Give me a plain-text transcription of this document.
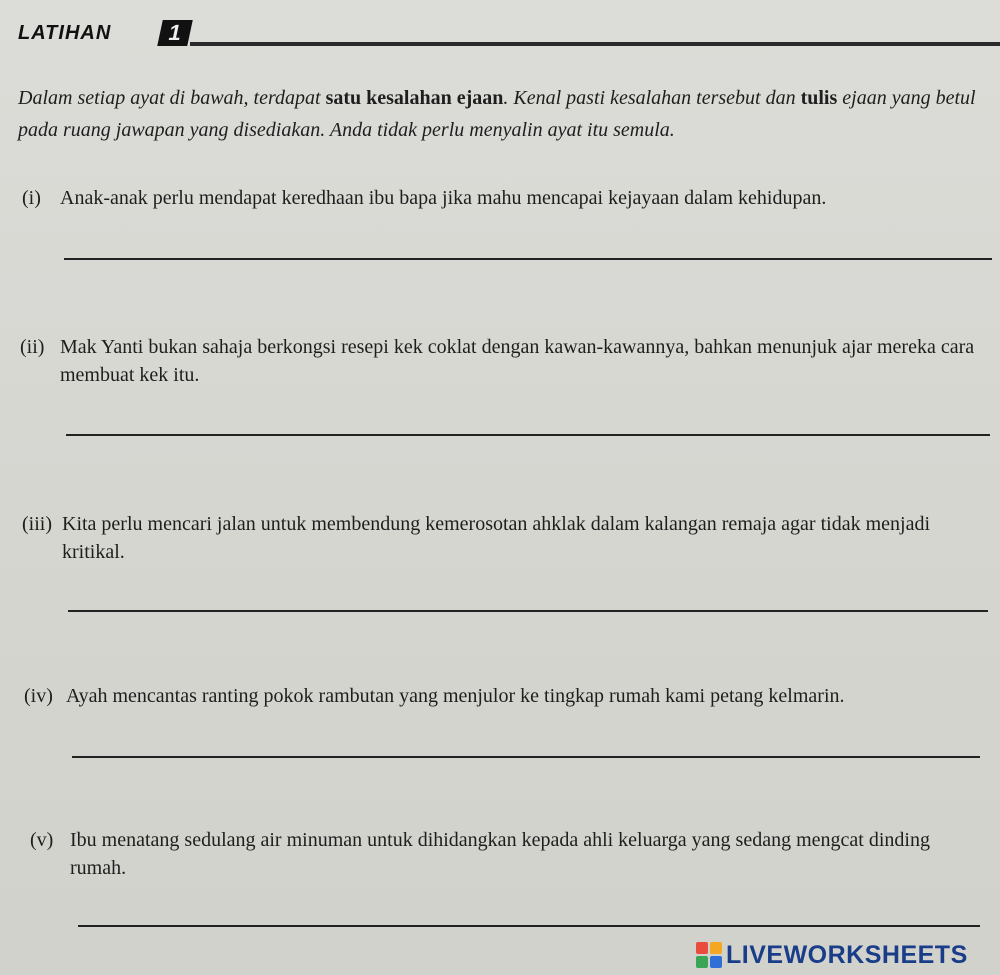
LATIHAN	1

Dalam setiap ayat di bawah, terdapat satu kesalahan ejaan. Kenal pasti kesalahan tersebut dan tulis ejaan yang betul pada ruang jawapan yang disediakan. Anda tidak perlu menyalin ayat itu semula.

(i) Anak-anak perlu mendapat keredhaan ibu bapa jika mahu mencapai kejayaan dalam kehidupan.
(ii) Mak Yanti bukan sahaja berkongsi resepi kek coklat dengan kawan-kawannya, bahkan menunjuk ajar mereka cara membuat kek itu.
(iii) Kita perlu mencari jalan untuk membendung kemerosotan ahklak dalam kalangan remaja agar tidak menjadi kritikal.
(iv) Ayah mencantas ranting pokok rambutan yang menjulor ke tingkap rumah kami petang kelmarin.
(v) Ibu menatang sedulang air minuman untuk dihidangkan kepada ahli keluarga yang sedang mengcat dinding rumah.
LIVEWORKSHEETS
